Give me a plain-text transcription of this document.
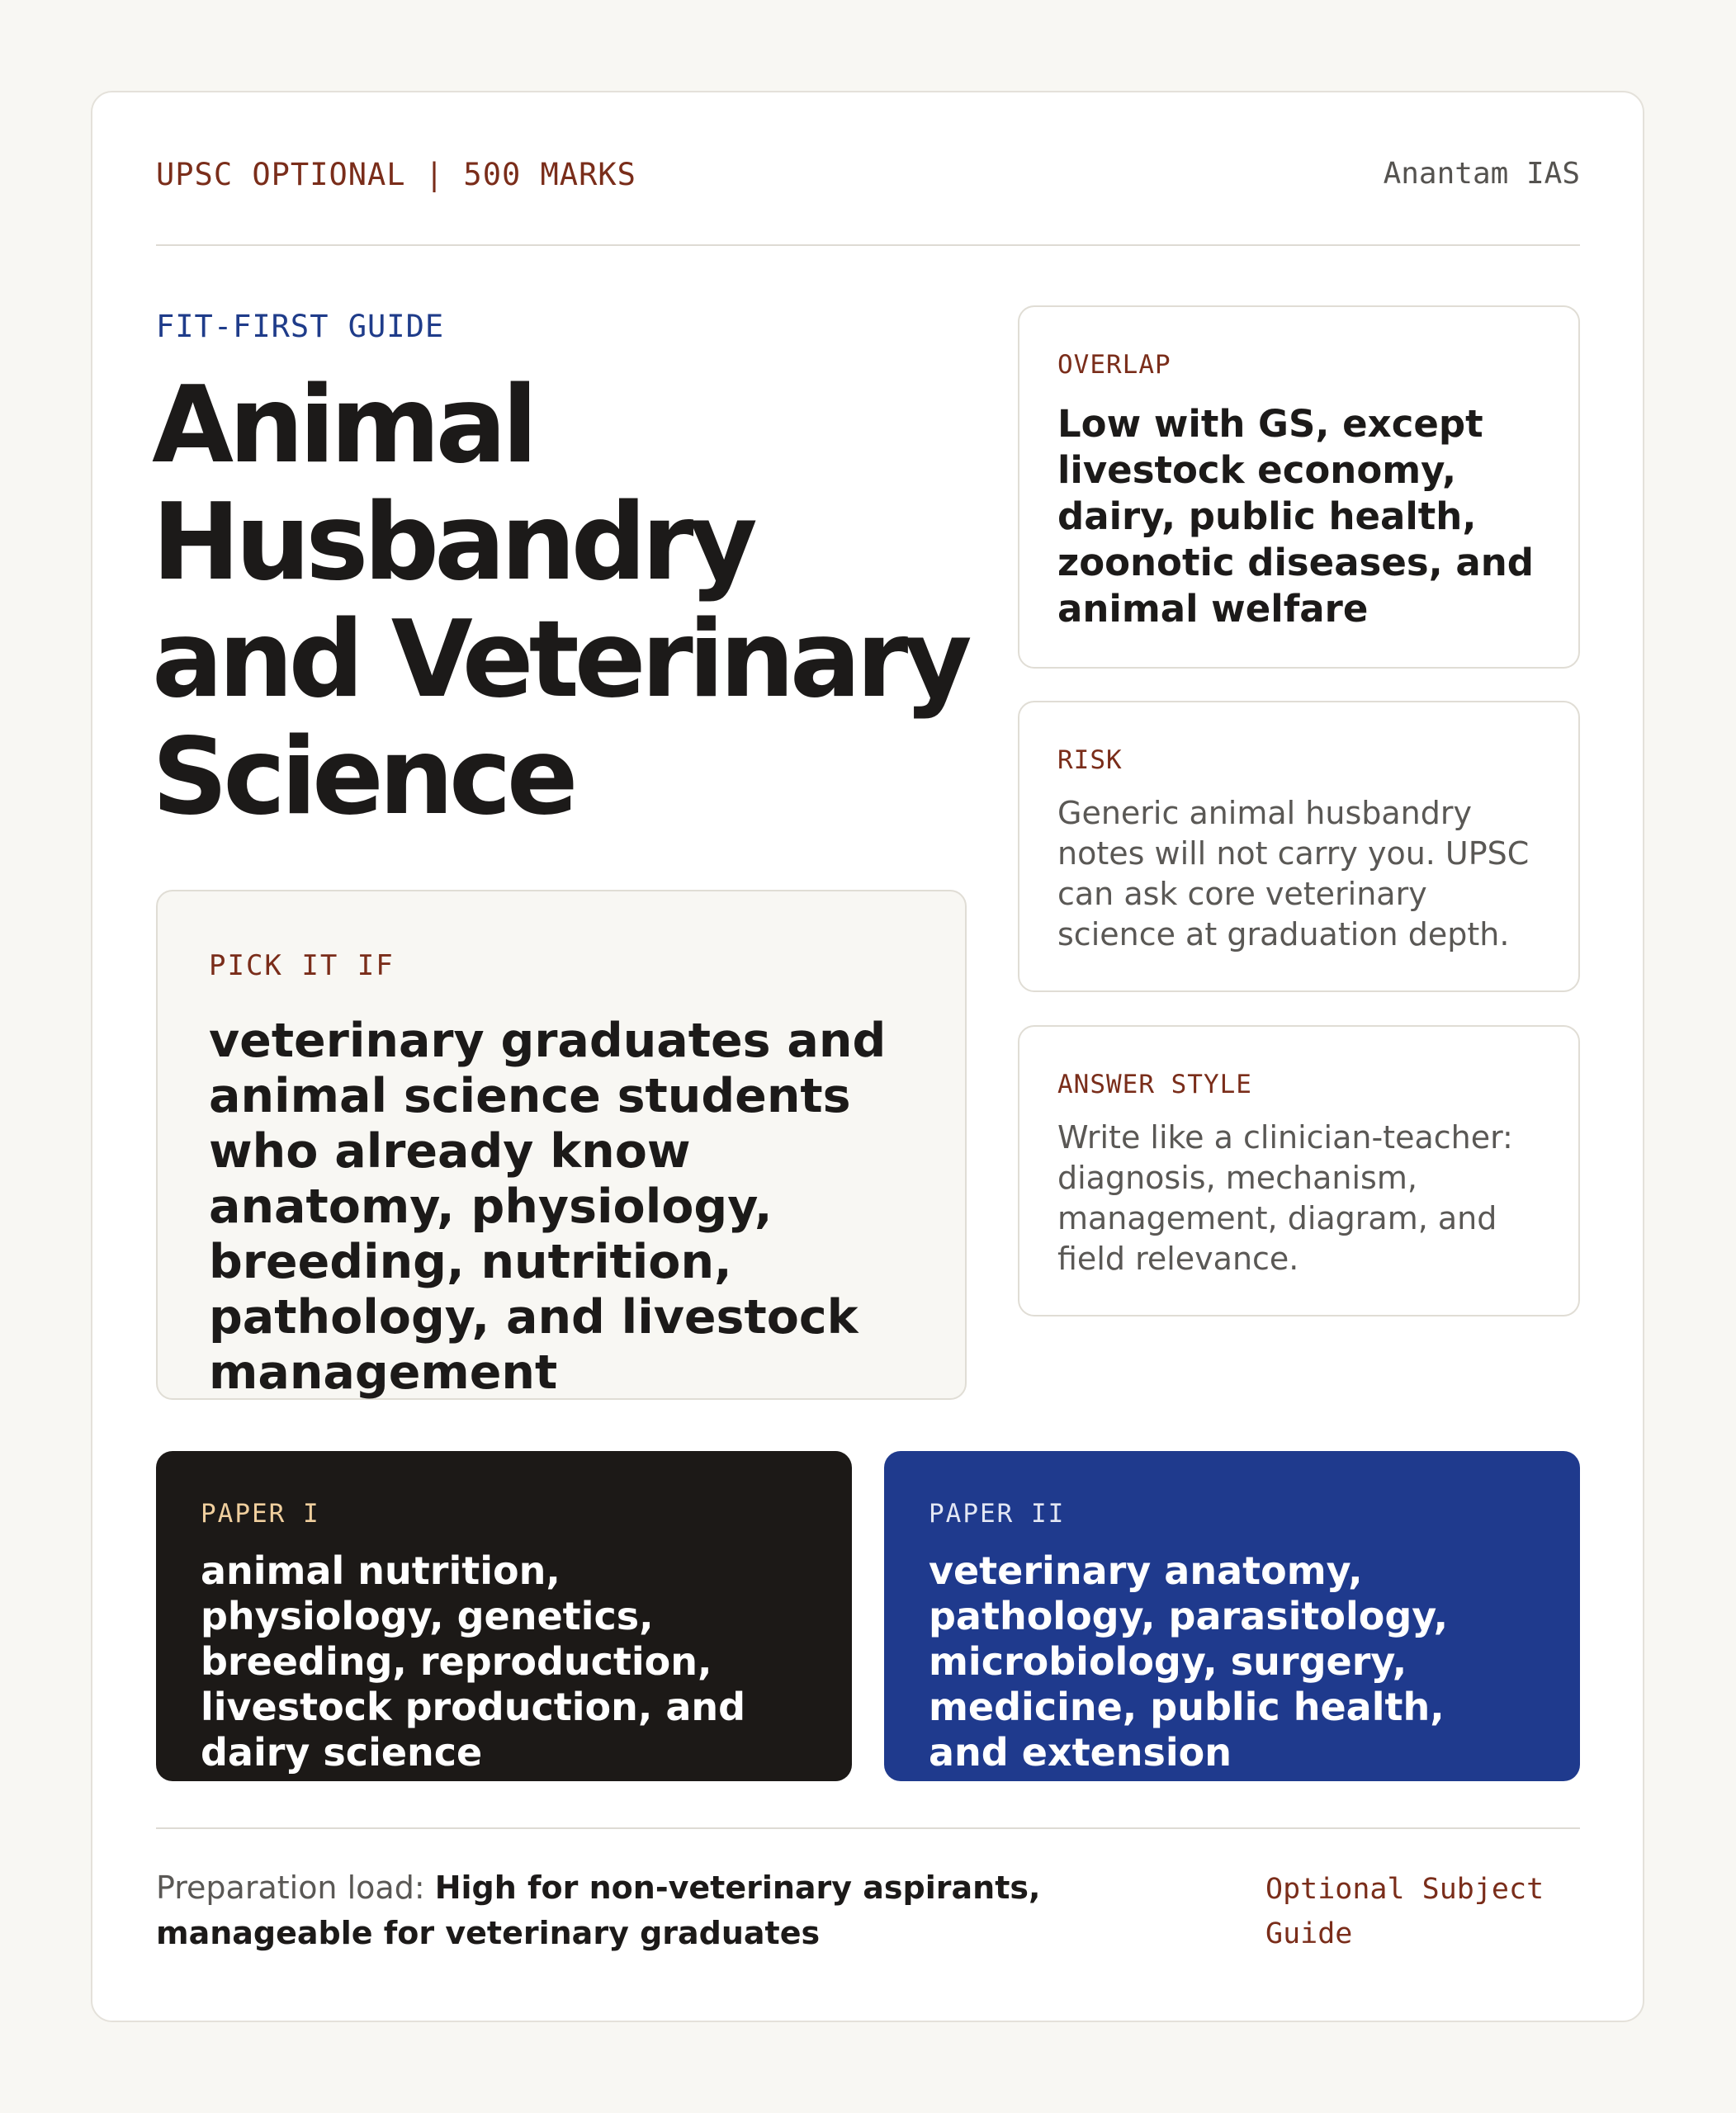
UPSC OPTIONAL | 500 MARKS	Anantam IAS
FIT-FIRST GUIDE
Animal Husbandry and Veterinary Science
PICK IT IF
veterinary graduates and animal science students who already know anatomy, physiology, breeding, nutrition, pathology, and livestock management
OVERLAP
Low with GS, except livestock economy, dairy, public health, zoonotic diseases, and animal welfare
RISK
Generic animal husbandry notes will not carry you. UPSC can ask core veterinary science at graduation depth.
ANSWER STYLE
Write like a clinician-teacher: diagnosis, mechanism, management, diagram, and field relevance.
PAPER I
animal nutrition, physiology, genetics, breeding, reproduction, livestock production, and dairy science
PAPER II
veterinary anatomy, pathology, parasitology, microbiology, surgery, medicine, public health, and extension
Preparation load: High for non-veterinary aspirants, manageable for veterinary graduates
Optional Subject Guide
